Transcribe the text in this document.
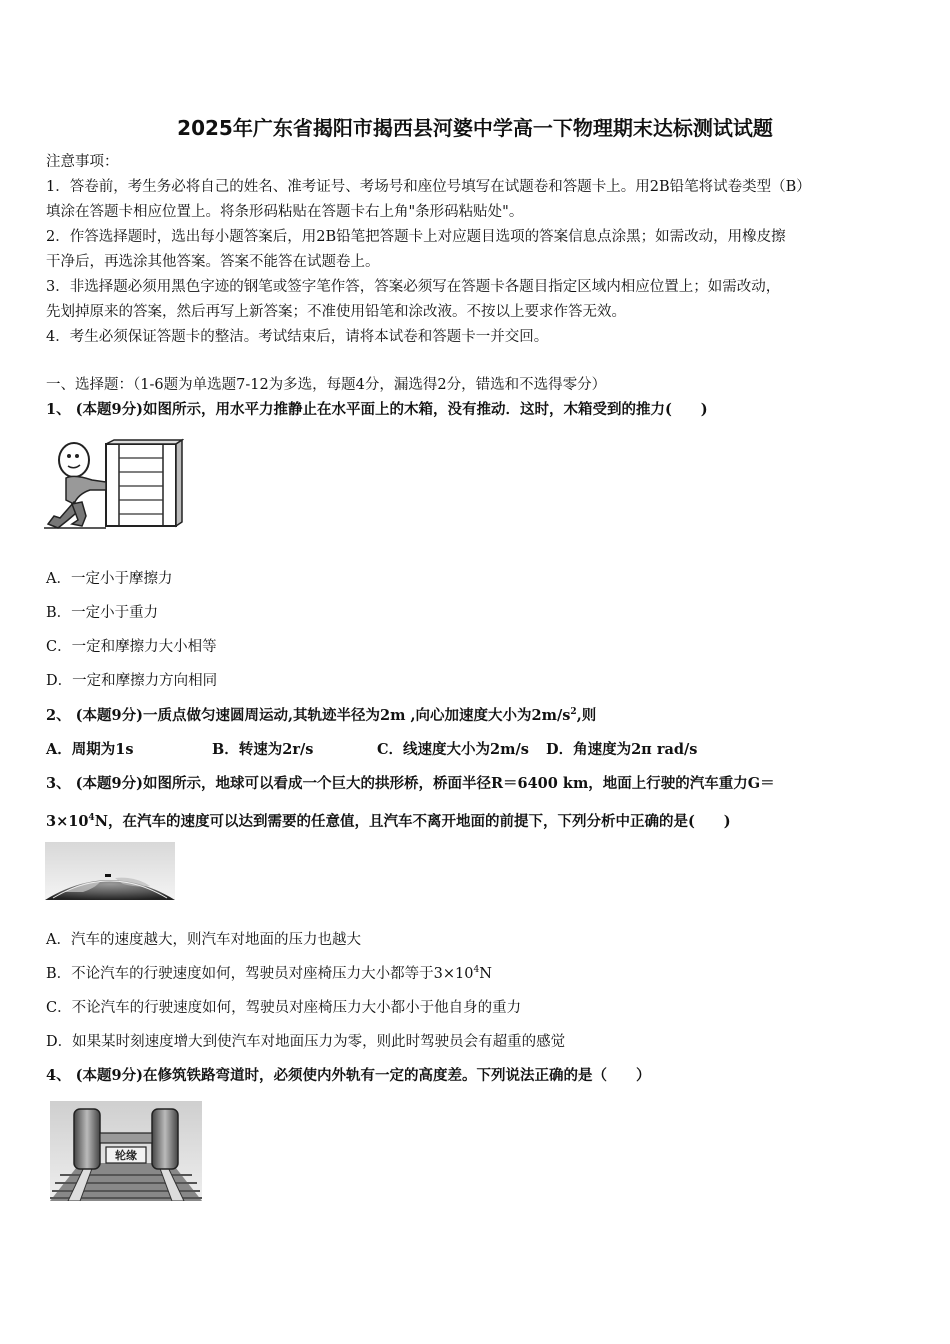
2025年广东省揭阳市揭西县河婆中学高一下物理期末达标测试试题
注意事项：
1．答卷前，考生务必将自己的姓名、准考证号、考场号和座位号填写在试题卷和答题卡上。用2B铅笔将试卷类型（B）
填涂在答题卡相应位置上。将条形码粘贴在答题卡右上角"条形码粘贴处"。
2．作答选择题时，选出每小题答案后，用2B铅笔把答题卡上对应题目选项的答案信息点涂黑；如需改动，用橡皮擦
干净后，再选涂其他答案。答案不能答在试题卷上。
3．非选择题必须用黑色字迹的钢笔或签字笔作答，答案必须写在答题卡各题目指定区域内相应位置上；如需改动，
先划掉原来的答案，然后再写上新答案；不准使用铅笔和涂改液。不按以上要求作答无效。
4．考生必须保证答题卡的整洁。考试结束后，请将本试卷和答题卡一并交回。
一、选择题：（1-6题为单选题7-12为多选，每题4分，漏选得2分，错选和不选得零分）
1、 (本题9分)如图所示，用水平力推静止在水平面上的木箱，没有推动．这时，木箱受到的推力(　　)
A．一定小于摩擦力
B．一定小于重力
C．一定和摩擦力大小相等
D．一定和摩擦力方向相同
2、 (本题9分)一质点做匀速圆周运动,其轨迹半径为2m ,向心加速度大小为$2m/s^2$,则
A．周期为1s	B．转速为2r/s	C．线速度大小为2m/s D．角速度为2π rad/s
3、 (本题9分)如图所示，地球可以看成一个巨大的拱形桥，桥面半径R＝6400 km，地面上行驶的汽车重力G＝
$3\times 10^4N$，在汽车的速度可以达到需要的任意值，且汽车不离开地面的前提下，下列分析中正确的是(　　)
A．汽车的速度越大，则汽车对地面的压力也越大
B．不论汽车的行驶速度如何，驾驶员对座椅压力大小都等于$3\times 10^4N$
C．不论汽车的行驶速度如何，驾驶员对座椅压力大小都小于他自身的重力
D．如果某时刻速度增大到使汽车对地面压力为零，则此时驾驶员会有超重的感觉
4、 (本题9分)在修筑铁路弯道时，必须使内外轨有一定的高度差。下列说法正确的是（　　）
轮缘
